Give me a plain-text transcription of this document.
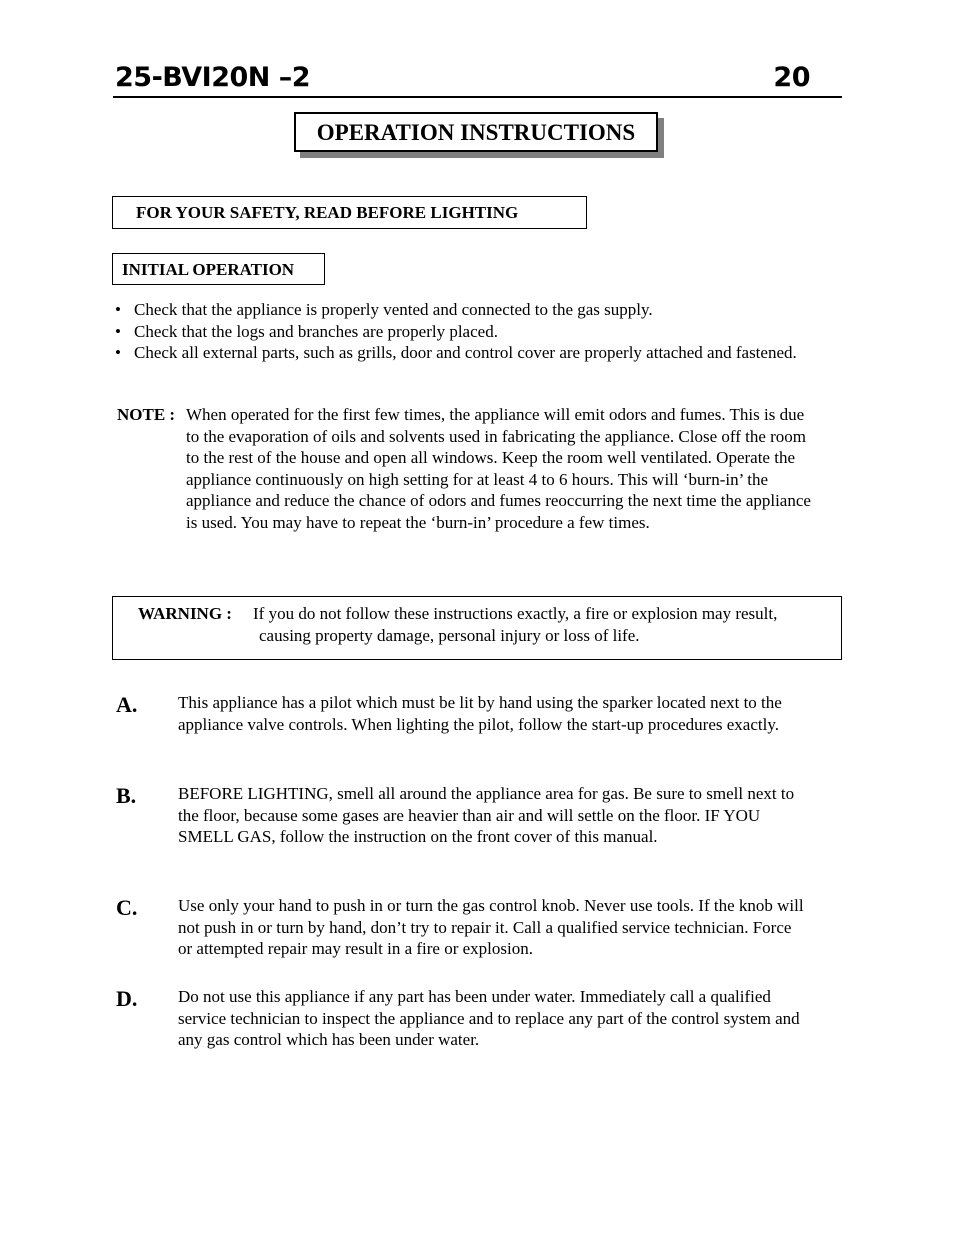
25-BVI20N –2	20
OPERATION INSTRUCTIONS
FOR YOUR SAFETY, READ BEFORE LIGHTING
INITIAL OPERATION
• Check that the appliance is properly vented and connected to the gas supply.
• Check that the logs and branches are properly placed.
• Check all external parts, such as grills, door and control cover are properly attached and fastened.
NOTE : When operated for the first few times, the appliance will emit odors and fumes. This is due to the evaporation of oils and solvents used in fabricating the appliance. Close off the room to the rest of the house and open all windows. Keep the room well ventilated. Operate the appliance continuously on high setting for at least 4 to 6 hours. This will ‘burn-in’ the appliance and reduce the chance of odors and fumes reoccurring the next time the appliance is used. You may have to repeat the ‘burn-in’ procedure a few times.
WARNING : If you do not follow these instructions exactly, a fire or explosion may result, causing property damage, personal injury or loss of life.
A. This appliance has a pilot which must be lit by hand using the sparker located next to the appliance valve controls. When lighting the pilot, follow the start-up procedures exactly.
B. BEFORE LIGHTING, smell all around the appliance area for gas. Be sure to smell next to the floor, because some gases are heavier than air and will settle on the floor. IF YOU SMELL GAS, follow the instruction on the front cover of this manual.
C. Use only your hand to push in or turn the gas control knob. Never use tools. If the knob will not push in or turn by hand, don’t try to repair it. Call a qualified service technician. Force or attempted repair may result in a fire or explosion.
D. Do not use this appliance if any part has been under water. Immediately call a qualified service technician to inspect the appliance and to replace any part of the control system and any gas control which has been under water.
